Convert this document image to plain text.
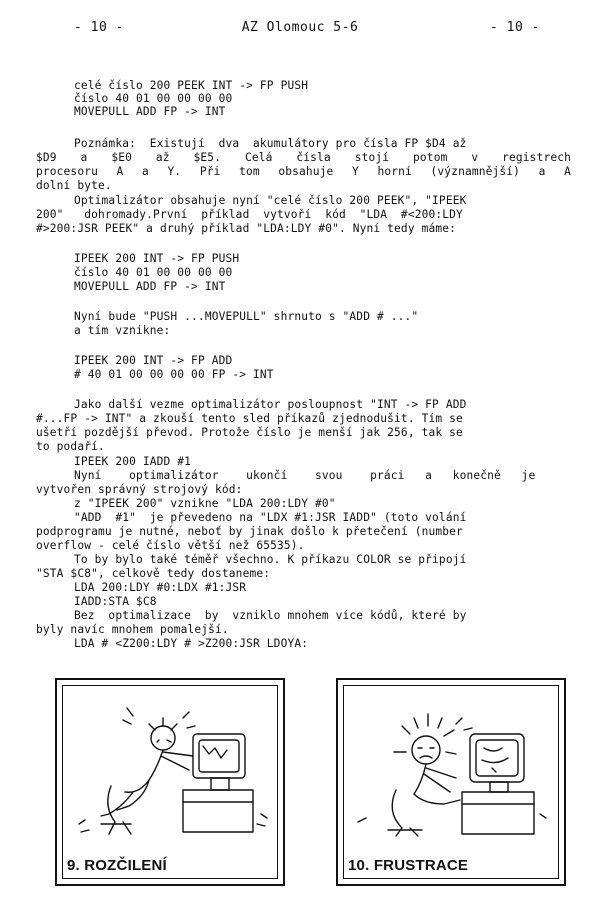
- 10 -	AZ Olomouc 5-6	- 10 -
celé číslo 200 PEEK INT -> FP PUSH
číslo 40 01 00 00 00 00
MOVEPULL ADD FP -> INT
Poznámka:  Existují  dva  akumulátory pro čísla FP $D4 až
$D9 a $E0 až $E5. Celá čísla stojí potom v registrech
procesoru A a Y. Při tom obsahuje Y horní (významnější) a A
dolní byte.
Optimalizátor obsahuje nyní "celé číslo 200 PEEK", "IPEEK
200"   dohromady.První  příklad  vytvoří  kód  "LDA  #<200:LDY
#>200:JSR PEEK" a druhý příklad "LDA:LDY #0". Nyní tedy máme:
IPEEK 200 INT -> FP PUSH
číslo 40 01 00 00 00 00
MOVEPULL ADD FP -> INT
Nyní bude "PUSH ...MOVEPULL" shrnuto s "ADD # ..."
a tím vznikne:
IPEEK 200 INT -> FP ADD
# 40 01 00 00 00 00 FP -> INT
Jako další vezme optimalizátor posloupnost "INT -> FP ADD
#...FP -> INT" a zkouší tento sled příkazů zjednodušit. Tím se
ušetří pozdější převod. Protože číslo je menší jak 256, tak se
to podaří.
IPEEK 200 IADD #1
Nyní    optimalizátor    ukončí    svou    práci   a   konečně   je
vytvořen správný strojový kód:
z "IPEEK 200" vznikne "LDA 200:LDY #0"
"ADD  #1"  je převedeno na "LDX #1:JSR IADD" (toto volání
podprogramu je nutné, neboť by jinak došlo k přetečení (number
overflow - celé číslo větší než 65535).
To by bylo také téměř všechno. K příkazu COLOR se připojí
"STA $C8", celkově tedy dostaneme:
LDA 200:LDY #0:LDX #1:JSR
IADD:STA $C8
Bez  optimalizace  by  vzniklo mnohem více kódů, které by
byly navíc mnohem pomalejší.
LDA # <Z200:LDY # >Z200:JSR LDOYA:
9. ROZČILENÍ	10. FRUSTRACE
